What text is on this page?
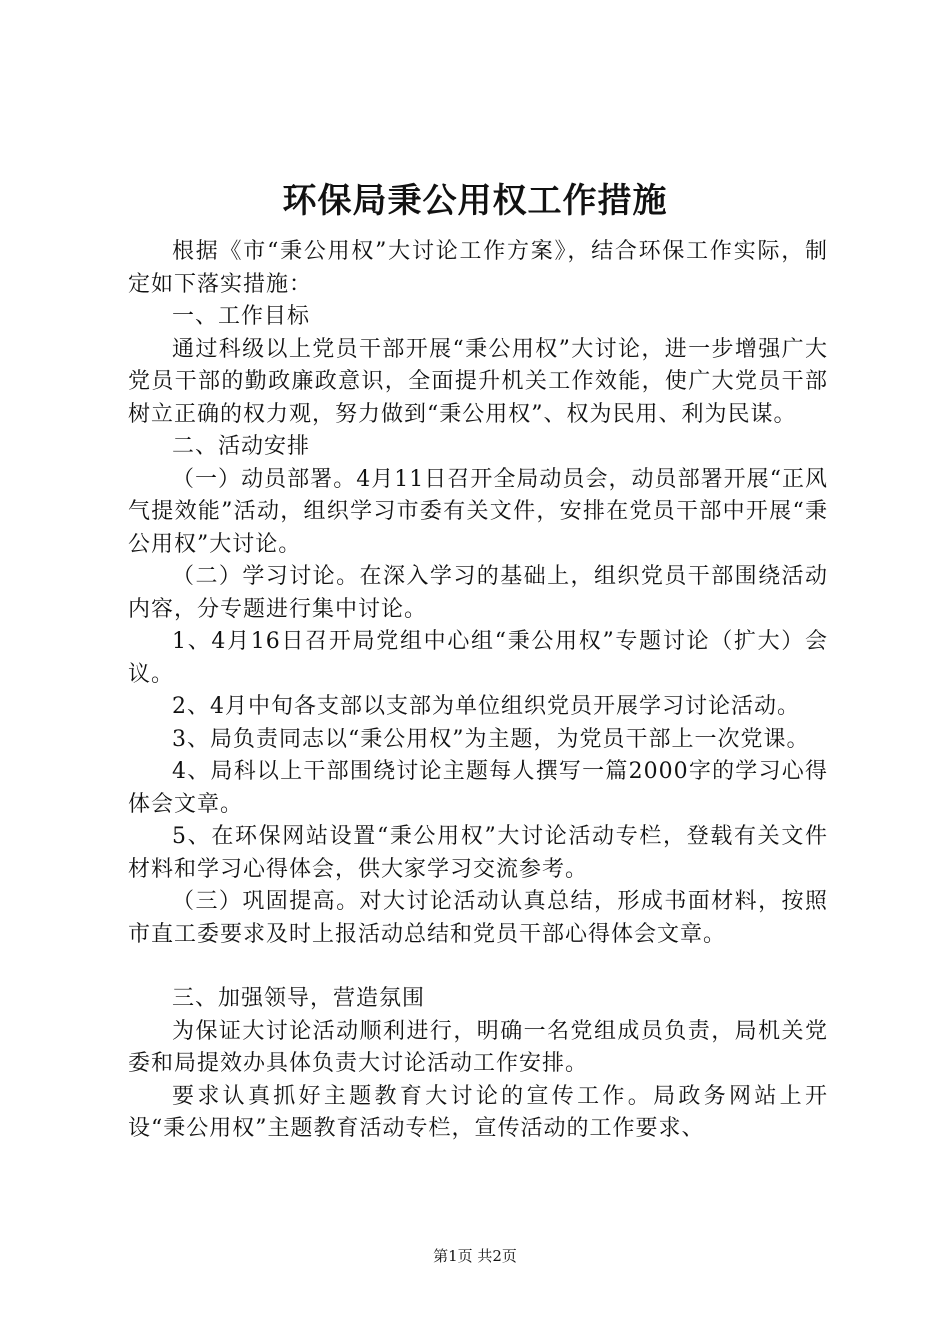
环保局秉公用权工作措施

根据《市“秉公用权”大讨论工作方案》，结合环保工作实际，制定如下落实措施：

一、工作目标

通过科级以上党员干部开展“秉公用权”大讨论，进一步增强广大党员干部的勤政廉政意识，全面提升机关工作效能，使广大党员干部树立正确的权力观，努力做到“秉公用权”、权为民用、利为民谋。

二、活动安排

（一）动员部署。4月11日召开全局动员会，动员部署开展“正风气提效能”活动，组织学习市委有关文件，安排在党员干部中开展“秉公用权”大讨论。

（二）学习讨论。在深入学习的基础上，组织党员干部围绕活动内容，分专题进行集中讨论。

1、4月16日召开局党组中心组“秉公用权”专题讨论（扩大）会议。

2、4月中旬各支部以支部为单位组织党员开展学习讨论活动。

3、局负责同志以“秉公用权”为主题，为党员干部上一次党课。

4、局科以上干部围绕讨论主题每人撰写一篇2000字的学习心得体会文章。

5、在环保网站设置“秉公用权”大讨论活动专栏，登载有关文件材料和学习心得体会，供大家学习交流参考。

（三）巩固提高。对大讨论活动认真总结，形成书面材料，按照市直工委要求及时上报活动总结和党员干部心得体会文章。

三、加强领导，营造氛围

为保证大讨论活动顺利进行，明确一名党组成员负责，局机关党委和局提效办具体负责大讨论活动工作安排。

要求认真抓好主题教育大讨论的宣传工作。局政务网站上开设“秉公用权”主题教育活动专栏，宣传活动的工作要求、

第1页 共2页
